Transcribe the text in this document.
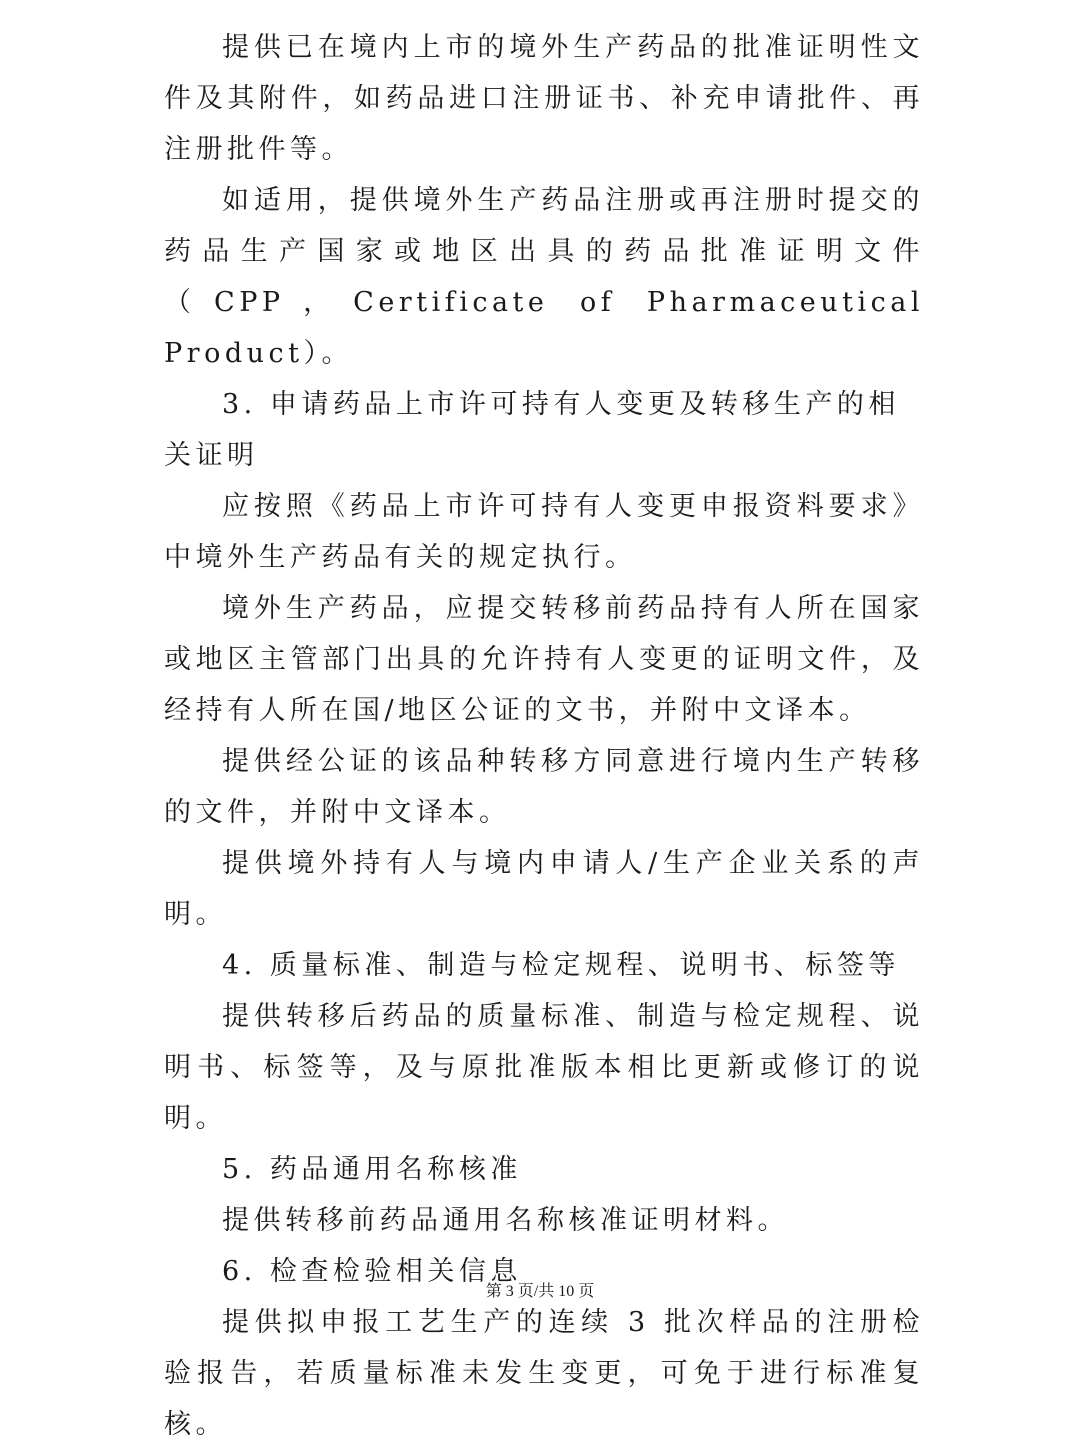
提供已在境内上市的境外生产药品的批准证明性文件及其附件，如药品进口注册证书、补充申请批件、再注册批件等。

如适用，提供境外生产药品注册或再注册时提交的药品生产国家或地区出具的药品批准证明文件（CPP，Certificate of Pharmaceutical Product）。

3. 申请药品上市许可持有人变更及转移生产的相关证明

应按照《药品上市许可持有人变更申报资料要求》中境外生产药品有关的规定执行。

境外生产药品，应提交转移前药品持有人所在国家或地区主管部门出具的允许持有人变更的证明文件，及经持有人所在国/地区公证的文书，并附中文译本。

提供经公证的该品种转移方同意进行境内生产转移的文件，并附中文译本。

提供境外持有人与境内申请人/生产企业关系的声明。

4. 质量标准、制造与检定规程、说明书、标签等

提供转移后药品的质量标准、制造与检定规程、说明书、标签等，及与原批准版本相比更新或修订的说明。

5. 药品通用名称核准

提供转移前药品通用名称核准证明材料。

6. 检查检验相关信息

提供拟申报工艺生产的连续 3 批次样品的注册检验报告，若质量标准未发生变更，可免于进行标准复核。

第 3 页/共 10 页
